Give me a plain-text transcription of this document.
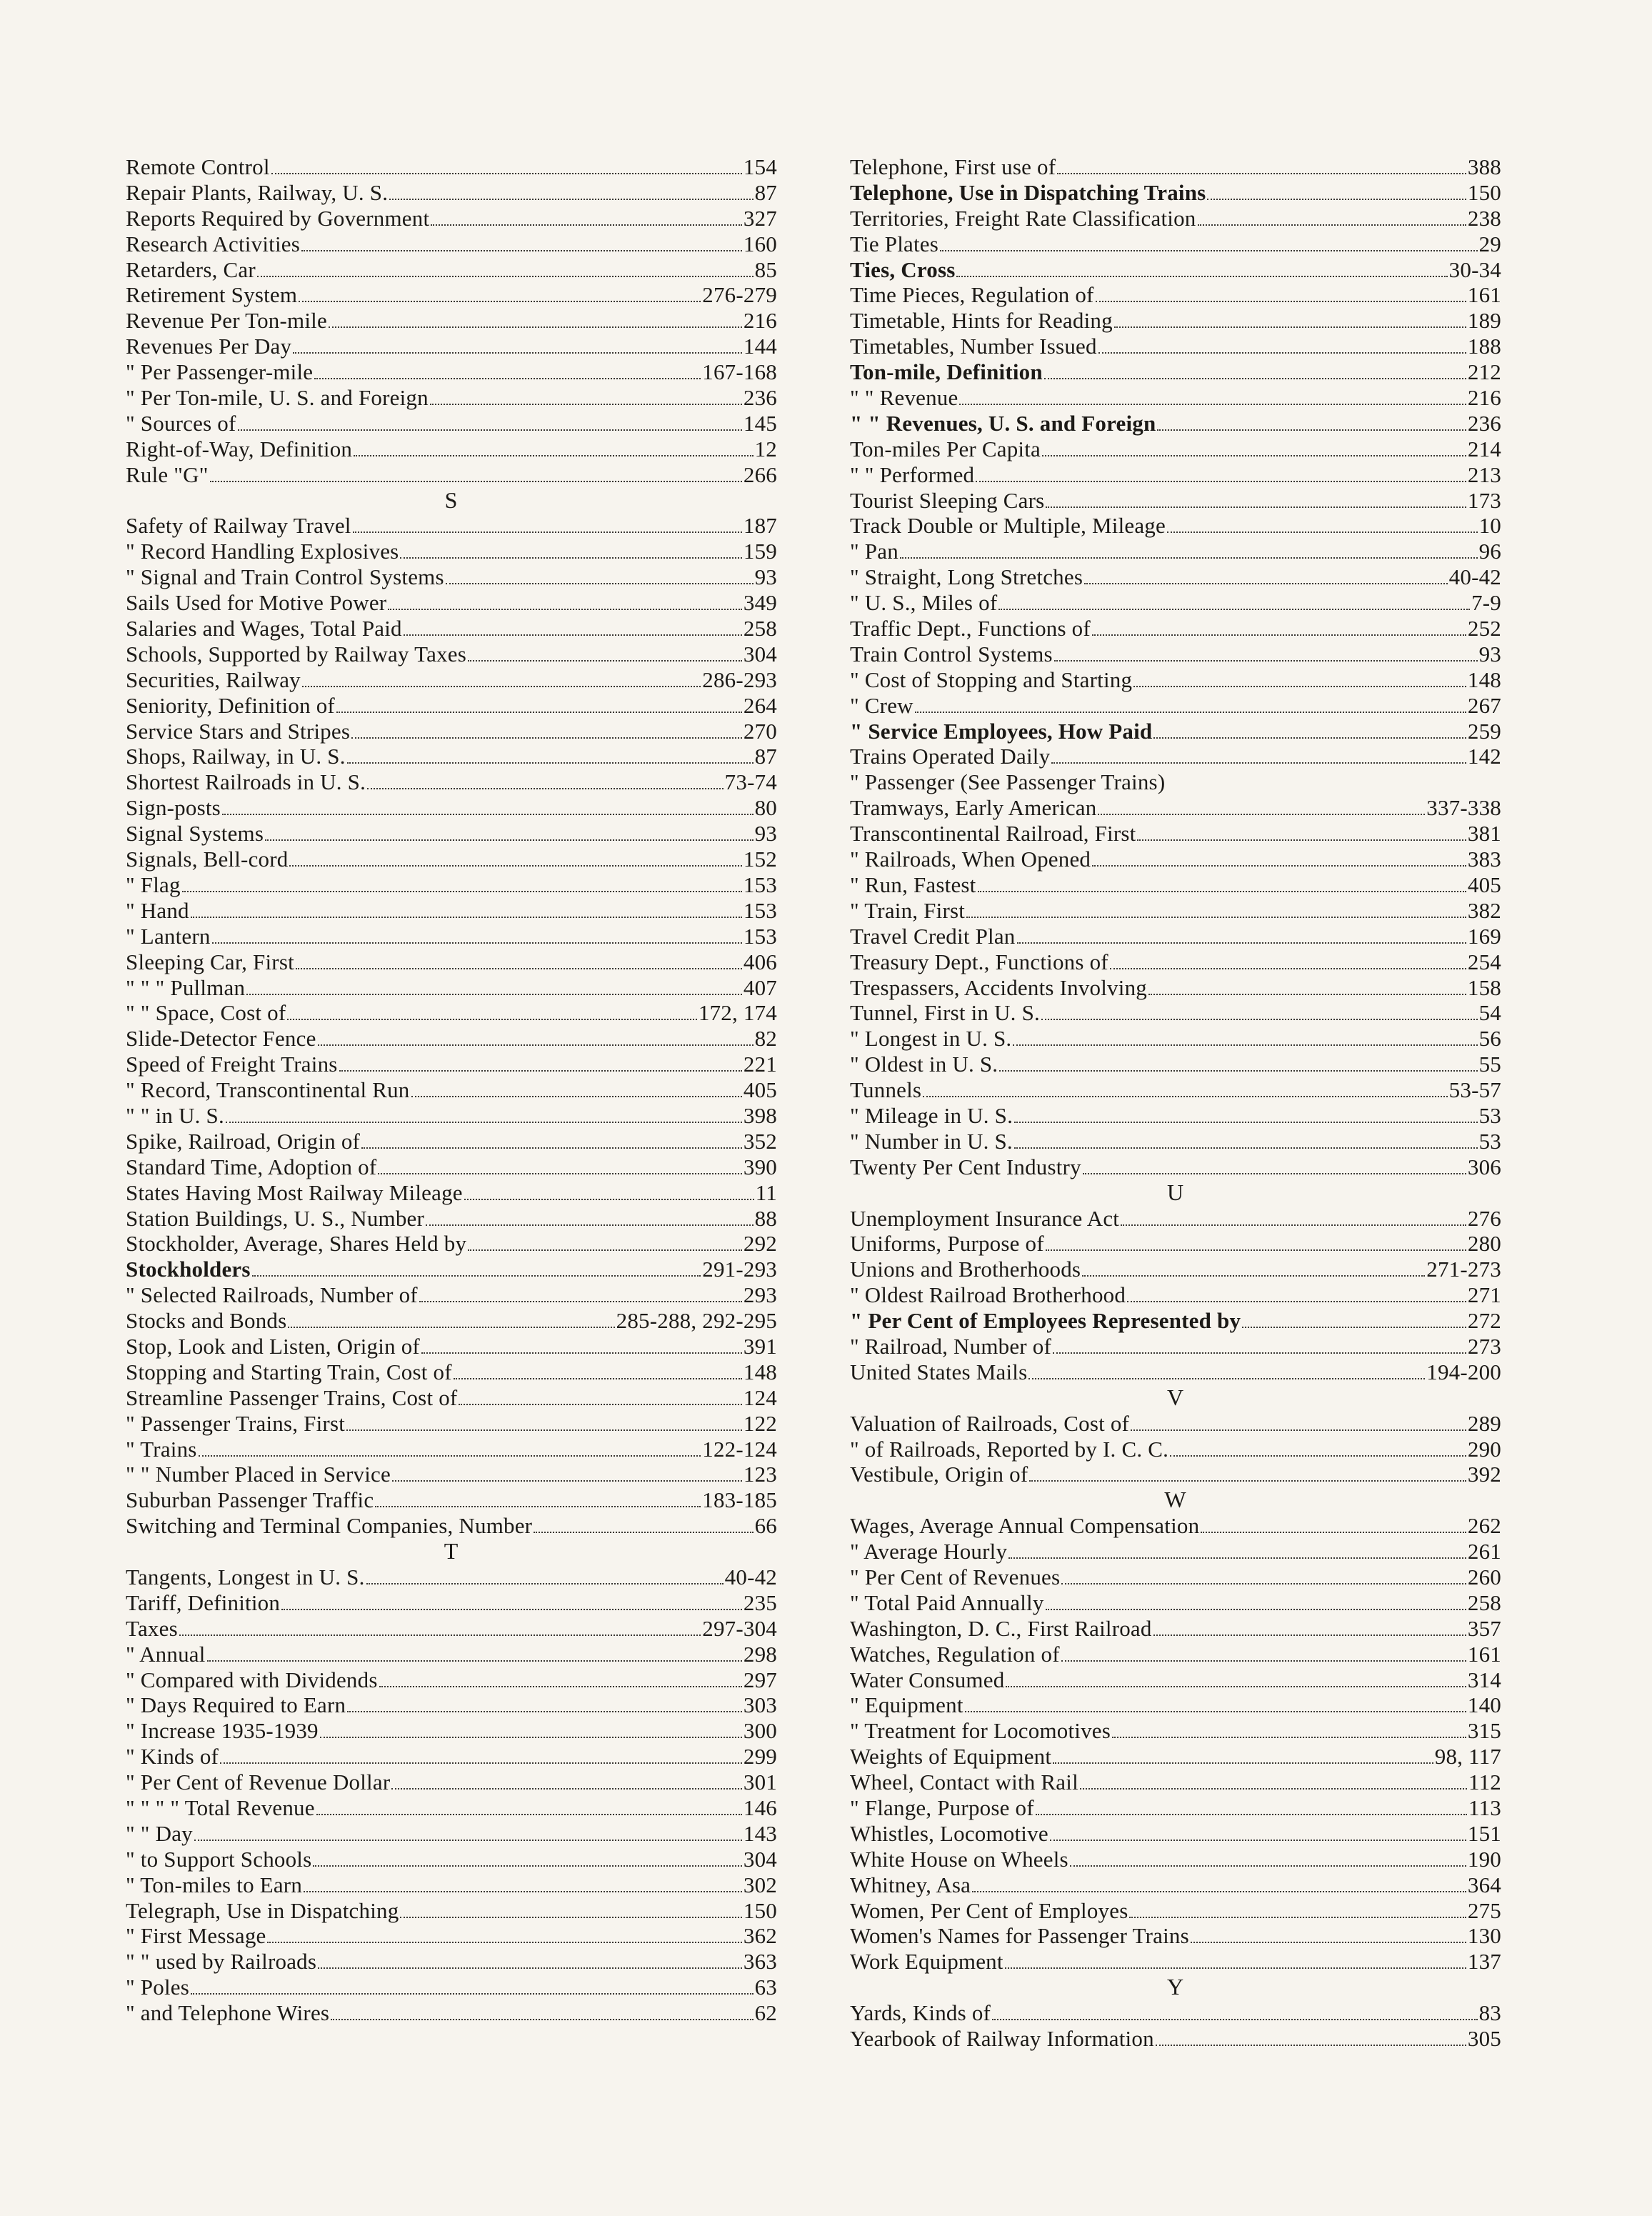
Remote Control	154
Repair Plants, Railway, U. S.	87
Reports Required by Government	327
Research Activities	160
Retarders, Car	85
Retirement System	276-279
Revenue Per Ton-mile	216
Revenues Per Day	144
" Per Passenger-mile	167-168
" Per Ton-mile, U. S. and Foreign	236
" Sources of	145
Right-of-Way, Definition	12
Rule "G"	266
S
Safety of Railway Travel	187
" Record Handling Explosives	159
" Signal and Train Control Systems	93
Sails Used for Motive Power	349
Salaries and Wages, Total Paid	258
Schools, Supported by Railway Taxes	304
Securities, Railway	286-293
Seniority, Definition of	264
Service Stars and Stripes	270
Shops, Railway, in U. S.	87
Shortest Railroads in U. S.	73-74
Sign-posts	80
Signal Systems	93
Signals, Bell-cord	152
" Flag	153
" Hand	153
" Lantern	153
Sleeping Car, First	406
" " " Pullman	407
" " Space, Cost of	172, 174
Slide-Detector Fence	82
Speed of Freight Trains	221
" Record, Transcontinental Run	405
" " in U. S.	398
Spike, Railroad, Origin of	352
Standard Time, Adoption of	390
States Having Most Railway Mileage	11
Station Buildings, U. S., Number	88
Stockholder, Average, Shares Held by	292
Stockholders	291-293
" Selected Railroads, Number of	293
Stocks and Bonds	285-288, 292-295
Stop, Look and Listen, Origin of	391
Stopping and Starting Train, Cost of	148
Streamline Passenger Trains, Cost of	124
" Passenger Trains, First	122
" Trains	122-124
" " Number Placed in Service	123
Suburban Passenger Traffic	183-185
Switching and Terminal Companies, Number	66
T
Tangents, Longest in U. S.	40-42
Tariff, Definition	235
Taxes	297-304
" Annual	298
" Compared with Dividends	297
" Days Required to Earn	303
" Increase 1935-1939	300
" Kinds of	299
" Per Cent of Revenue Dollar	301
" " " " Total Revenue	146
" " Day	143
" to Support Schools	304
" Ton-miles to Earn	302
Telegraph, Use in Dispatching	150
" First Message	362
" " used by Railroads	363
" Poles	63
" and Telephone Wires	62
Telephone, First use of	388
Telephone, Use in Dispatching Trains	150
Territories, Freight Rate Classification	238
Tie Plates	29
Ties, Cross	30-34
Time Pieces, Regulation of	161
Timetable, Hints for Reading	189
Timetables, Number Issued	188
Ton-mile, Definition	212
" " Revenue	216
" " Revenues, U. S. and Foreign	236
Ton-miles Per Capita	214
" " Performed	213
Tourist Sleeping Cars	173
Track Double or Multiple, Mileage	10
" Pan	96
" Straight, Long Stretches	40-42
" U. S., Miles of	7-9
Traffic Dept., Functions of	252
Train Control Systems	93
" Cost of Stopping and Starting	148
" Crew	267
" Service Employees, How Paid	259
Trains Operated Daily	142
" Passenger (See Passenger Trains)
Tramways, Early American	337-338
Transcontinental Railroad, First	381
" Railroads, When Opened	383
" Run, Fastest	405
" Train, First	382
Travel Credit Plan	169
Treasury Dept., Functions of	254
Trespassers, Accidents Involving	158
Tunnel, First in U. S.	54
" Longest in U. S.	56
" Oldest in U. S.	55
Tunnels	53-57
" Mileage in U. S.	53
" Number in U. S.	53
Twenty Per Cent Industry	306
U
Unemployment Insurance Act	276
Uniforms, Purpose of	280
Unions and Brotherhoods	271-273
" Oldest Railroad Brotherhood	271
" Per Cent of Employees Represented by	272
" Railroad, Number of	273
United States Mails	194-200
V
Valuation of Railroads, Cost of	289
" of Railroads, Reported by I. C. C.	290
Vestibule, Origin of	392
W
Wages, Average Annual Compensation	262
" Average Hourly	261
" Per Cent of Revenues	260
" Total Paid Annually	258
Washington, D. C., First Railroad	357
Watches, Regulation of	161
Water Consumed	314
" Equipment	140
" Treatment for Locomotives	315
Weights of Equipment	98, 117
Wheel, Contact with Rail	112
" Flange, Purpose of	113
Whistles, Locomotive	151
White House on Wheels	190
Whitney, Asa	364
Women, Per Cent of Employes	275
Women's Names for Passenger Trains	130
Work Equipment	137
Y
Yards, Kinds of	83
Yearbook of Railway Information	305
